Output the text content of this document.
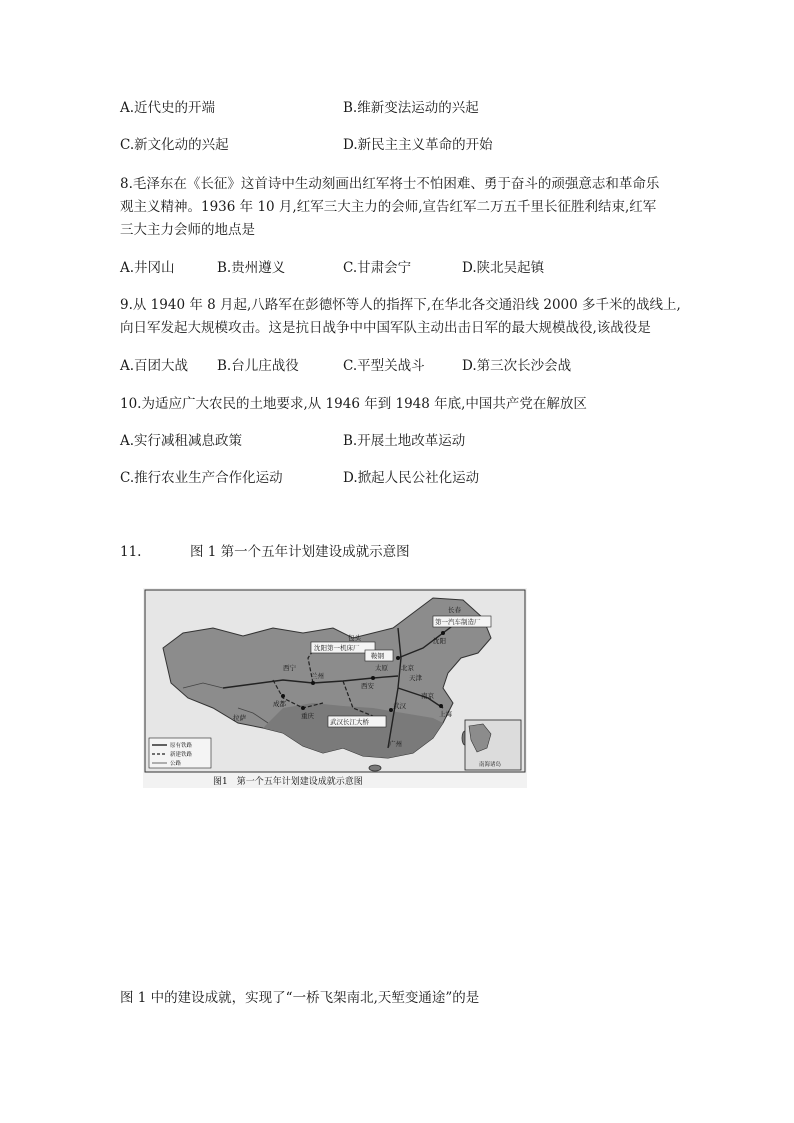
A.近代史的开端	B.维新变法运动的兴起
C.新文化动的兴起	D.新民主主义革命的开始
8.毛泽东在《长征》这首诗中生动刻画出红军将士不怕困难、勇于奋斗的顽强意志和革命乐
观主义精神。1936 年 10 月,红军三大主力的会师,宣告红军二万五千里长征胜利结束,红军
三大主力会师的地点是
A.井冈山	B.贵州遵义	C.甘肃会宁	D.陕北吴起镇
9.从 1940 年 8 月起,八路军在彭德怀等人的指挥下,在华北各交通沿线 2000 多千米的战线上,
向日军发起大规模攻击。这是抗日战争中中国军队主动出击日军的最大规模战役,该战役是
A.百团大战 B.台儿庄战役	C.平型关战斗	D.第三次长沙会战
10.为适应广大农民的土地要求,从 1946 年到 1948 年底,中国共产党在解放区
A.实行减租减息政策	B.开展土地改革运动
C.推行农业生产合作化运动	D.掀起人民公社化运动
11.	图 1 第一个五年计划建设成就示意图
沈阳第一机床厂
第一汽车制造厂
鞍钢
武汉长江大桥
长春
沈阳
北京
天津
太原
包头
西安
兰州
武汉
重庆
成都
上海
南京
广州
拉萨
西宁
南海诸岛
原有铁路
新建铁路
公路
图1　第一个五年计划建设成就示意图
图 1 中的建设成就，实现了“一桥飞架南北,天堑变通途”的是
